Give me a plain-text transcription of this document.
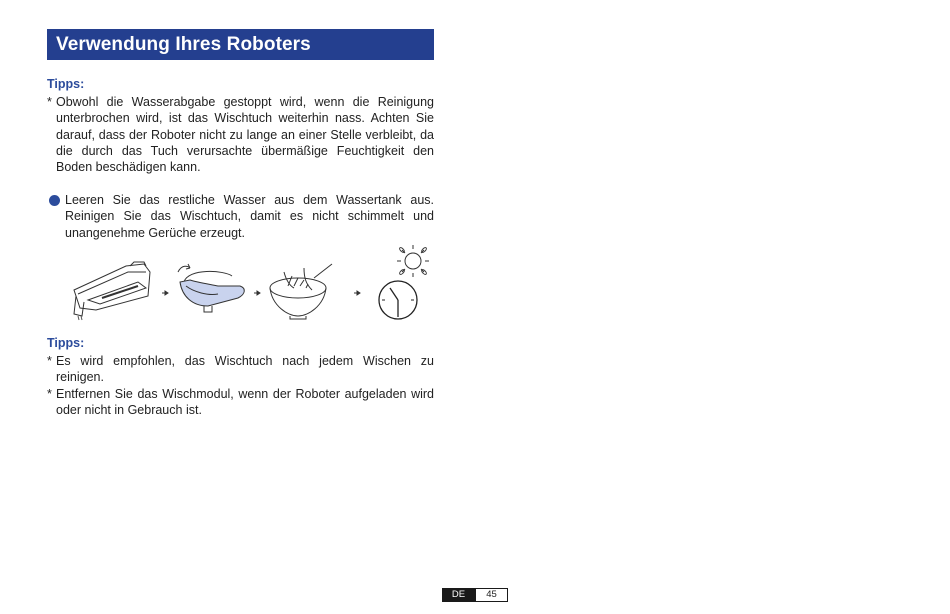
Verwendung Ihres Roboters
Tipps:
* Obwohl die Wasserabgabe gestoppt wird, wenn die Reinigung unterbrochen wird, ist das Wischtuch weiterhin nass. Achten Sie darauf, dass der Roboter nicht zu lange an einer Stelle verbleibt, da die durch das Tuch verursachte übermäßige Feuchtigkeit den Boden beschädigen kann.
Leeren Sie das restliche Wasser aus dem Wassertank aus. Reinigen Sie das Wischtuch, damit es nicht schimmelt und unangenehme Gerüche erzeugt.
Tipps:
* Es wird empfohlen, das Wischtuch nach jedem Wischen zu reinigen.
* Entfernen Sie das Wischmodul, wenn der Roboter aufgeladen wird oder nicht in Gebrauch ist.
DE	45
